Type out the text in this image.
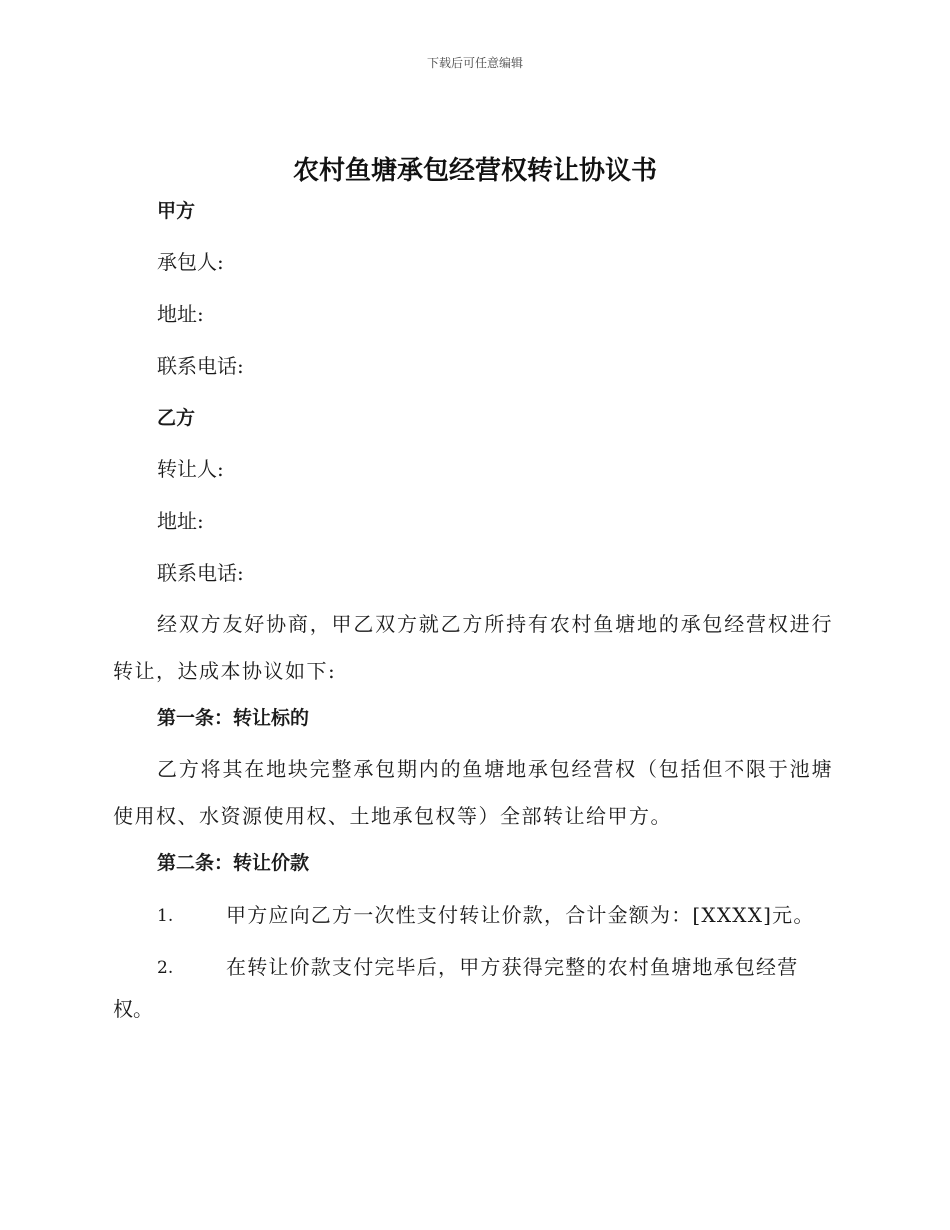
下载后可任意编辑
农村鱼塘承包经营权转让协议书
甲方
承包人:
地址:
联系电话:
乙方
转让人:
地址:
联系电话:
经双方友好协商，甲乙双方就乙方所持有农村鱼塘地的承包经营权进行转让，达成本协议如下:
第一条：转让标的
乙方将其在地块完整承包期内的鱼塘地承包经营权（包括但不限于池塘使用权、水资源使用权、土地承包权等）全部转让给甲方。
第二条：转让价款
1.	甲方应向乙方一次性支付转让价款，合计金额为：[XXXX]元。
2.	在转让价款支付完毕后，甲方获得完整的农村鱼塘地承包经营
权。
